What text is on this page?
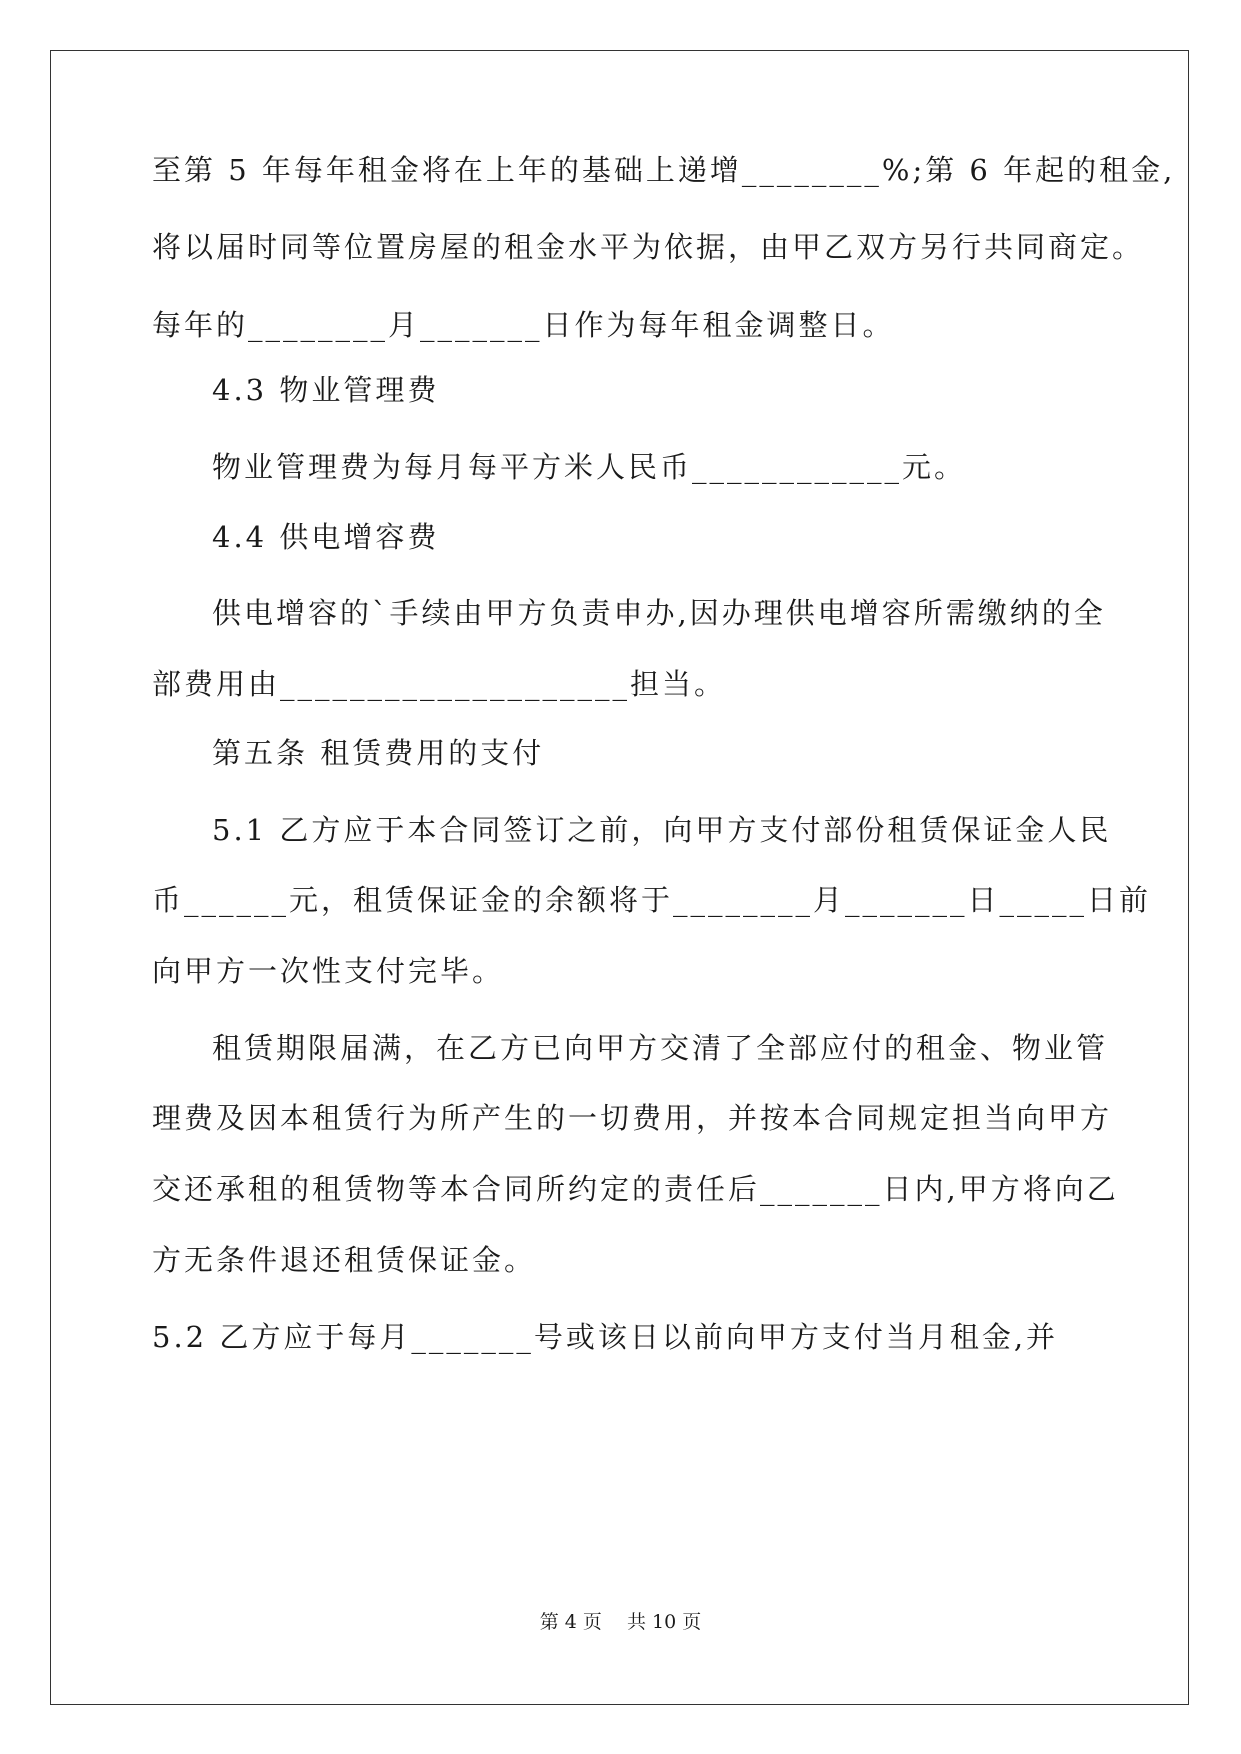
至第 5 年每年租金将在上年的基础上递增________%;第 6 年起的租金,
将以届时同等位置房屋的租金水平为依据，由甲乙双方另行共同商定。
每年的________月_______日作为每年租金调整日。
4.3 物业管理费
物业管理费为每月每平方米人民币____________元。
4.4 供电增容费
供电增容的`手续由甲方负责申办,因办理供电增容所需缴纳的全
部费用由____________________担当。
第五条 租赁费用的支付
5.1 乙方应于本合同签订之前，向甲方支付部份租赁保证金人民
币______元，租赁保证金的余额将于________月_______日_____日前
向甲方一次性支付完毕。
租赁期限届满，在乙方已向甲方交清了全部应付的租金、物业管
理费及因本租赁行为所产生的一切费用，并按本合同规定担当向甲方
交还承租的租赁物等本合同所约定的责任后_______日内,甲方将向乙
方无条件退还租赁保证金。
5.2 乙方应于每月_______号或该日以前向甲方支付当月租金,并
第 4 页　 共 10 页
